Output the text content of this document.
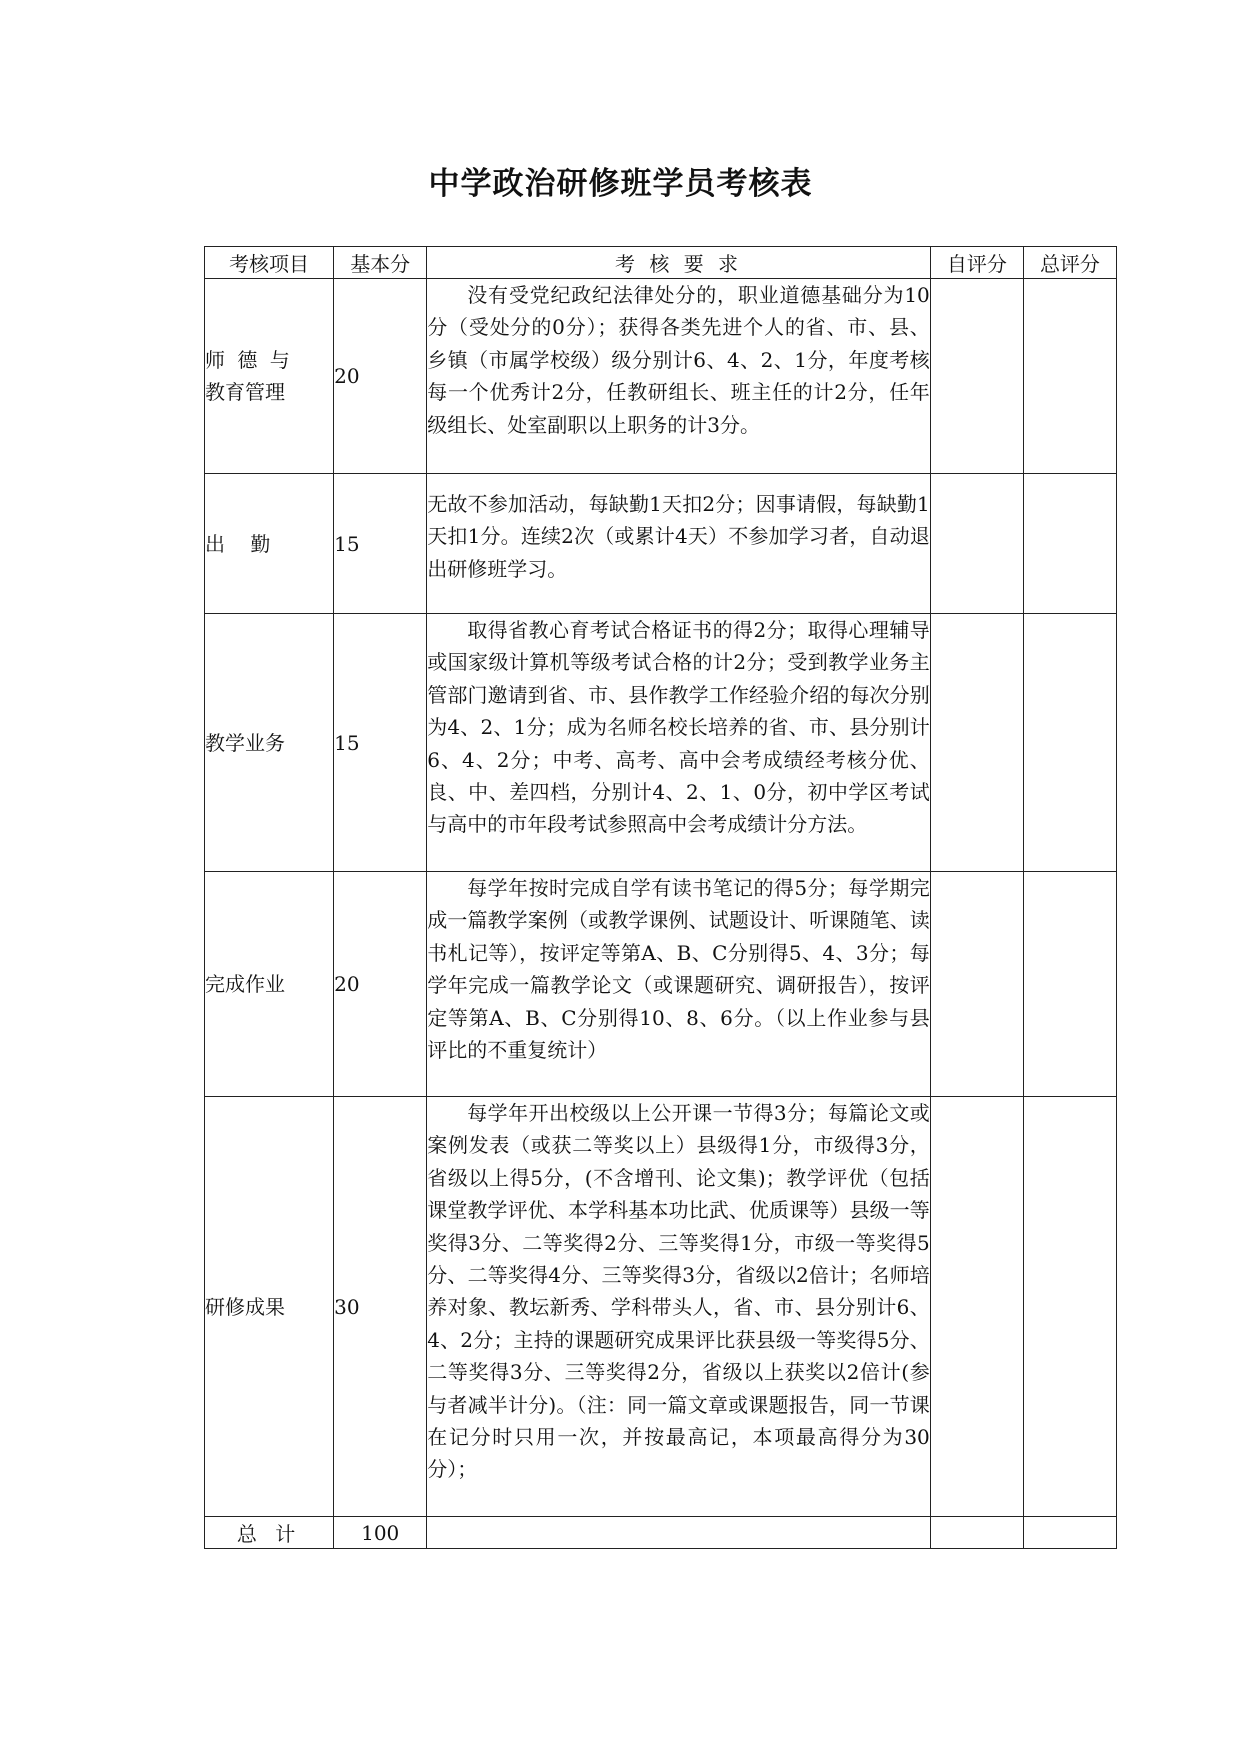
中学政治研修班学员考核表
考核项目	基本分	考 核 要 求	自评分	总评分

师 德 与
教育管理	20	没有受党纪政纪法律处分的，职业道德基础分为10分（受处分的0分）；获得各类先进个人的省、市、县、乡镇（市属学校级）级分别计6、4、2、1分，年度考核每一个优秀计2分，任教研组长、班主任的计2分，任年级组长、处室副职以上职务的计3分。		

出    勤	15	无故不参加活动，每缺勤1天扣2分；因事请假，每缺勤1天扣1分。连续2次（或累计4天）不参加学习者，自动退出研修班学习。		

教学业务	15	取得省教心育考试合格证书的得2分；取得心理辅导或国家级计算机等级考试合格的计2分；受到教学业务主管部门邀请到省、市、县作教学工作经验介绍的每次分别为4、2、1分；成为名师名校长培养的省、市、县分别计6、4、2分；中考、高考、高中会考成绩经考核分优、良、中、差四档，分别计4、2、1、0分，初中学区考试与高中的市年段考试参照高中会考成绩计分方法。		

完成作业	20	每学年按时完成自学有读书笔记的得5分；每学期完成一篇教学案例（或教学课例、试题设计、听课随笔、读书札记等），按评定等第A、B、C分别得5、4、3分；每学年完成一篇教学论文（或课题研究、调研报告），按评定等第A、B、C分别得10、8、6分。（以上作业参与县评比的不重复统计）		

研修成果	30	每学年开出校级以上公开课一节得3分；每篇论文或案例发表（或获二等奖以上）县级得1分，市级得3分，省级以上得5分，(不含增刊、论文集)；教学评优（包括课堂教学评优、本学科基本功比武、优质课等）县级一等奖得3分、二等奖得2分、三等奖得1分，市级一等奖得5分、二等奖得4分、三等奖得3分，省级以2倍计；名师培养对象、教坛新秀、学科带头人，省、市、县分别计6、4、2分；主持的课题研究成果评比获县级一等奖得5分、二等奖得3分、三等奖得2分，省级以上获奖以2倍计(参与者减半计分)。（注：同一篇文章或课题报告，同一节课在记分时只用一次，并按最高记，本项最高得分为30分）；		

总 计	100			
